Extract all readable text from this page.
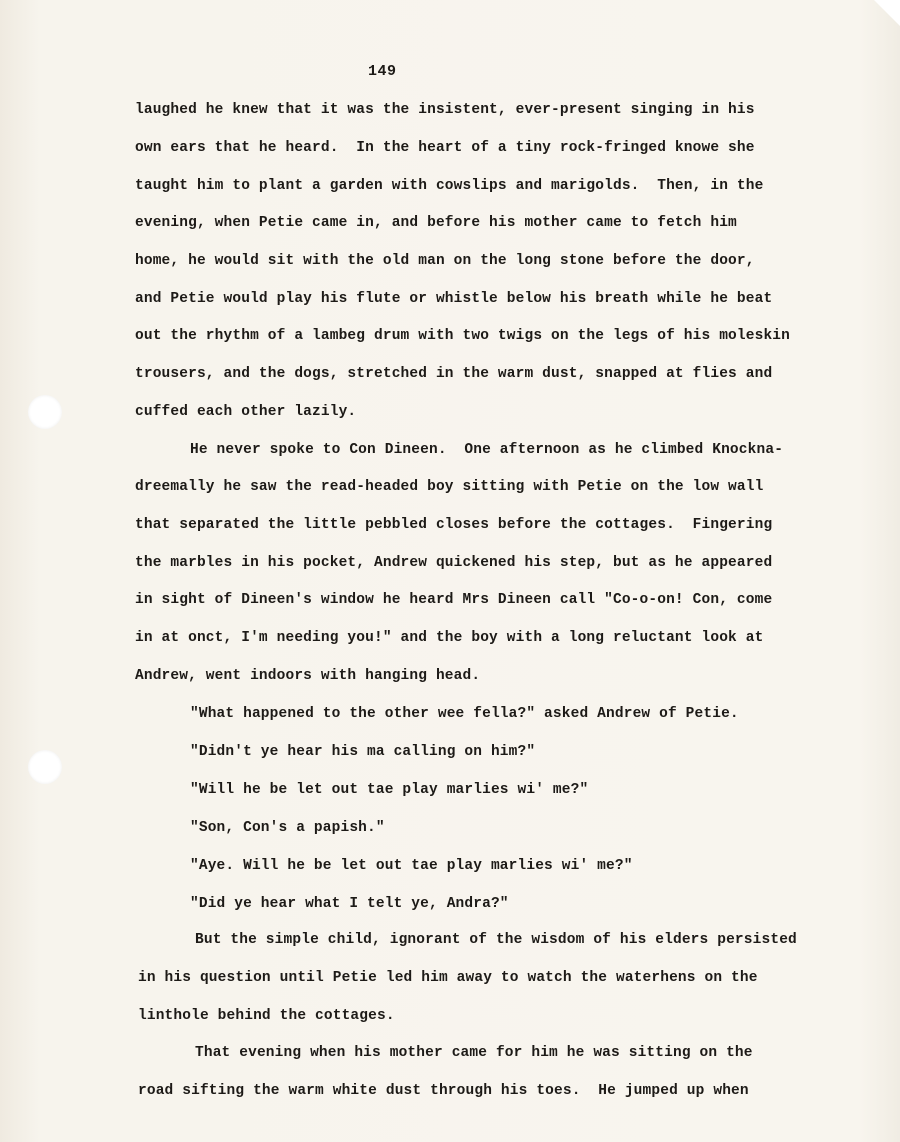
149
laughed he knew that it was the insistent, ever-present singing in his
own ears that he heard.  In the heart of a tiny rock-fringed knowe she
taught him to plant a garden with cowslips and marigolds.  Then, in the
evening, when Petie came in, and before his mother came to fetch him
home, he would sit with the old man on the long stone before the door,
and Petie would play his flute or whistle below his breath while he beat
out the rhythm of a lambeg drum with two twigs on the legs of his moleskin
trousers, and the dogs, stretched in the warm dust, snapped at flies and
cuffed each other lazily.
He never spoke to Con Dineen.  One afternoon as he climbed Knockna-
dreemally he saw the read-headed boy sitting with Petie on the low wall
that separated the little pebbled closes before the cottages.  Fingering
the marbles in his pocket, Andrew quickened his step, but as he appeared
in sight of Dineen's window he heard Mrs Dineen call "Co-o-on! Con, come
in at onct, I'm needing you!" and the boy with a long reluctant look at
Andrew, went indoors with hanging head.
"What happened to the other wee fella?" asked Andrew of Petie.
"Didn't ye hear his ma calling on him?"
"Will he be let out tae play marlies wi' me?"
"Son, Con's a papish."
"Aye. Will he be let out tae play marlies wi' me?"
"Did ye hear what I telt ye, Andra?"
But the simple child, ignorant of the wisdom of his elders persisted
in his question until Petie led him away to watch the waterhens on the
linthole behind the cottages.
That evening when his mother came for him he was sitting on the
road sifting the warm white dust through his toes.  He jumped up when
